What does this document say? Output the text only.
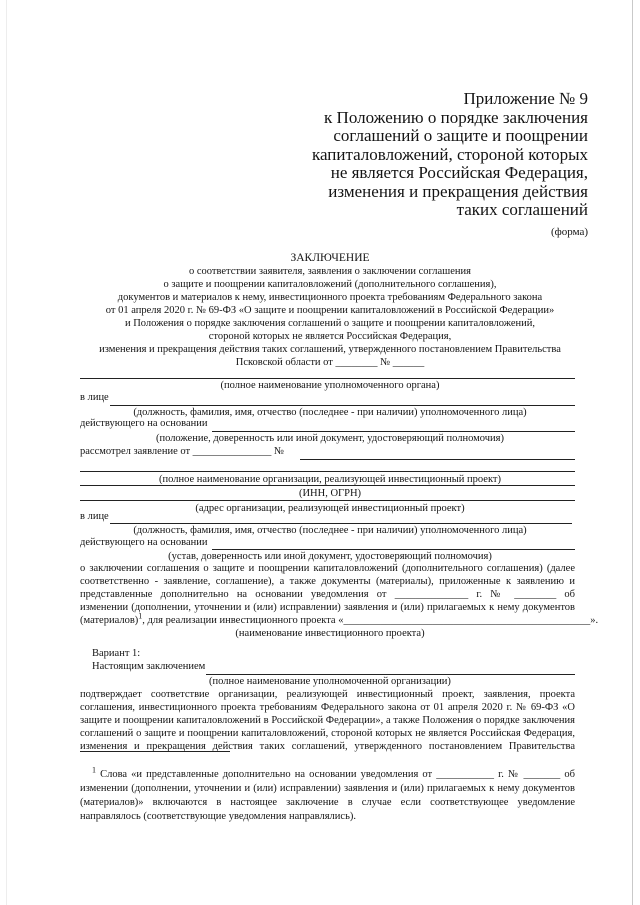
Приложение № 9
к Положению о порядке заключения
соглашений о защите и поощрении
капиталовложений, стороной которых
не является Российская Федерация,
изменения и прекращения действия
таких соглашений
(форма)
ЗАКЛЮЧЕНИЕ
о соответствии заявителя, заявления о заключении соглашения
о защите и поощрении капиталовложений (дополнительного соглашения),
документов и материалов к нему, инвестиционного проекта требованиям Федерального закона
от 01 апреля 2020 г. № 69-ФЗ «О защите и поощрении капиталовложений в Российской Федерации»
и Положения о порядке заключения соглашений о защите и поощрении капиталовложений,
стороной которых не является Российская Федерация,
изменения и прекращения действия таких соглашений, утвержденного постановлением Правительства
Псковской области от ________ № ______
(полное наименование уполномоченного органа)
в лице
(должность, фамилия, имя, отчество (последнее - при наличии) уполномоченного лица)
действующего на основании
(положение, доверенность или иной документ, удостоверяющий полномочия)
рассмотрел заявление от _______________ №
(полное наименование организации, реализующей инвестиционный проект)
(ИНН, ОГРН)
(адрес организации, реализующей инвестиционный проект)
в лице
(должность, фамилия, имя, отчество (последнее - при наличии) уполномоченного лица)
действующего на основании
(устав, доверенность или иной документ, удостоверяющий полномочия)
о заключении соглашения о защите и поощрении капиталовложений (дополнительного соглашения) (далее
соответственно - заявление, соглашение), а также документы (материалы), приложенные к заявлению и
представленные дополнительно на основании уведомления от ______________ г. № ________ об
изменении (дополнении, уточнении и (или) исправлении) заявления и (или) прилагаемых к нему документов
(материалов)$^1$, для реализации инвестиционного проекта «_______________________________________________».
(наименование инвестиционного проекта)
Вариант 1:
Настоящим заключением
(полное наименование уполномоченной организации)
подтверждает соответствие организации, реализующей инвестиционный проект, заявления, проекта
соглашения, инвестиционного проекта требованиям Федерального закона от 01 апреля 2020 г. № 69-ФЗ «О
защите и поощрении капиталовложений в Российской Федерации», а также Положения о порядке заключения
соглашений о защите и поощрении капиталовложений, стороной которых не является Российская Федерация,
изменения и прекращения действия таких соглашений, утвержденного постановлением Правительства
$^1$ Слова «и представленные дополнительно на основании уведомления от ___________ г. № _______ об
изменении (дополнении, уточнении и (или) исправлении) заявления и (или) прилагаемых к нему документов
(материалов)» включаются в настоящее заключение в случае если соответствующее уведомление
направлялось (соответствующие уведомления направлялись).
